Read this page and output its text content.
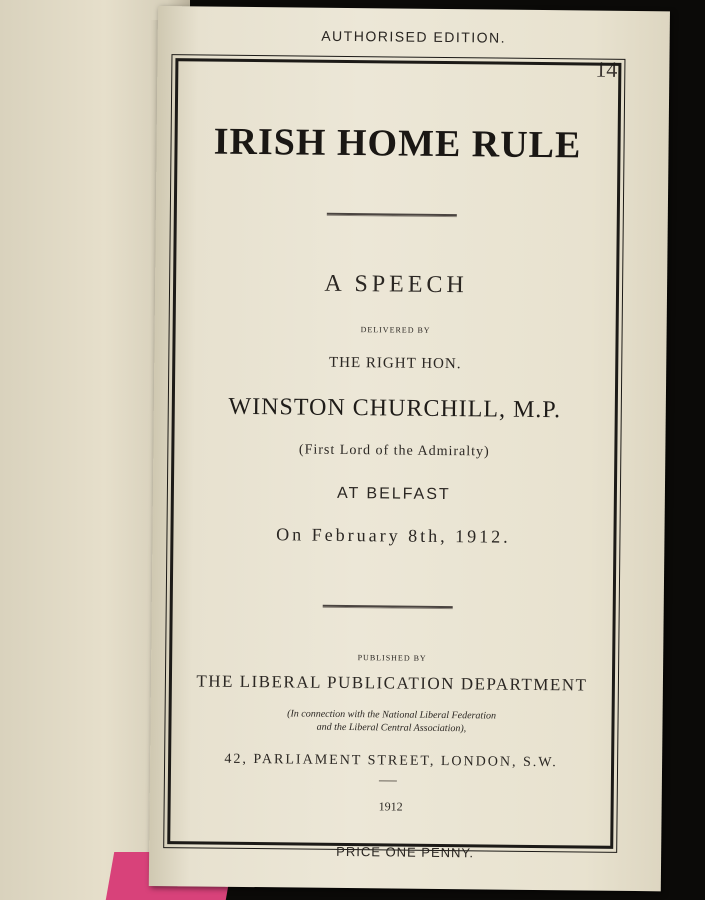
AUTHORISED EDITION.
14
IRISH HOME RULE
A SPEECH
DELIVERED BY
THE RIGHT HON.
WINSTON CHURCHILL, M.P.
(First Lord of the Admiralty)
AT BELFAST
On February 8th, 1912.
PUBLISHED BY
THE LIBERAL PUBLICATION DEPARTMENT
(In connection with the National Liberal Federation
and the Liberal Central Association),
42, PARLIAMENT STREET, LONDON, S.W.
1912
PRICE ONE PENNY.
